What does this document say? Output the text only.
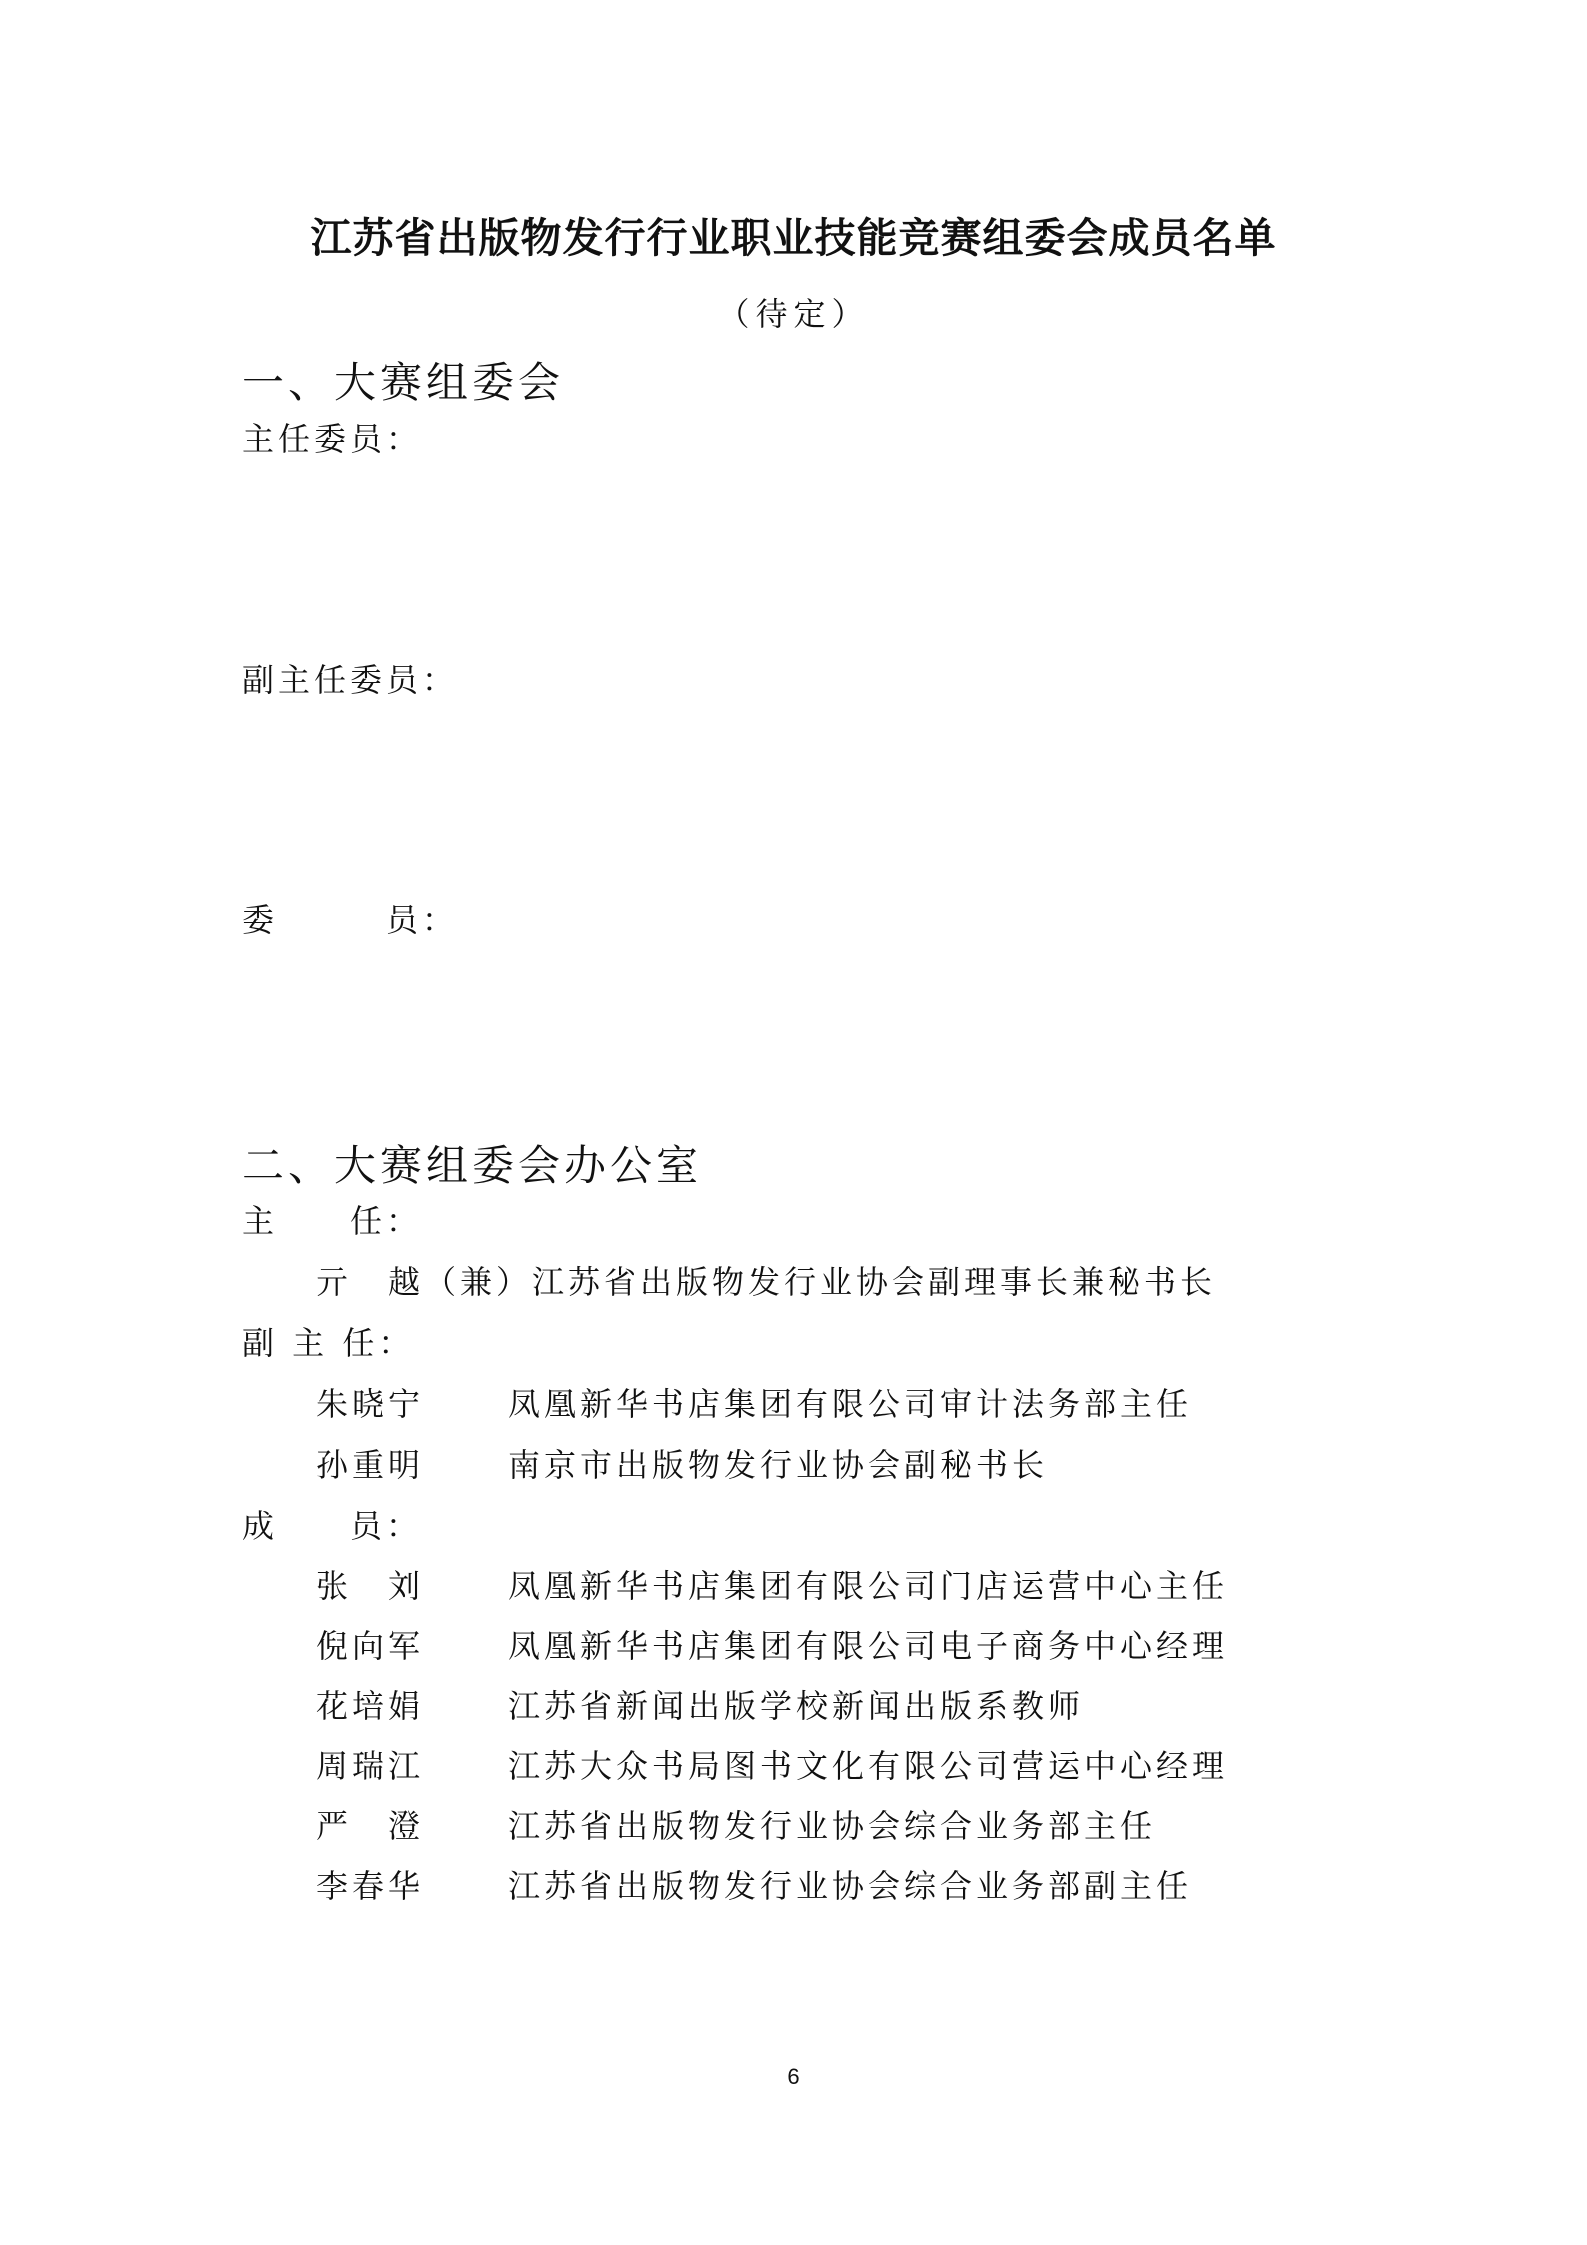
江苏省出版物发行行业职业技能竞赛组委会成员名单
（待定）
一、大赛组委会
主任委员：
副主任委员：
委　　　员：
二、大赛组委会办公室
主　　任：
亓　越（兼）江苏省出版物发行业协会副理事长兼秘书长
副 主 任：
朱晓宁	凤凰新华书店集团有限公司审计法务部主任
孙重明	南京市出版物发行业协会副秘书长
成　　员：
张　刘	凤凰新华书店集团有限公司门店运营中心主任
倪向军	凤凰新华书店集团有限公司电子商务中心经理
花培娟	江苏省新闻出版学校新闻出版系教师
周瑞江	江苏大众书局图书文化有限公司营运中心经理
严　澄	江苏省出版物发行业协会综合业务部主任
李春华	江苏省出版物发行业协会综合业务部副主任
6
